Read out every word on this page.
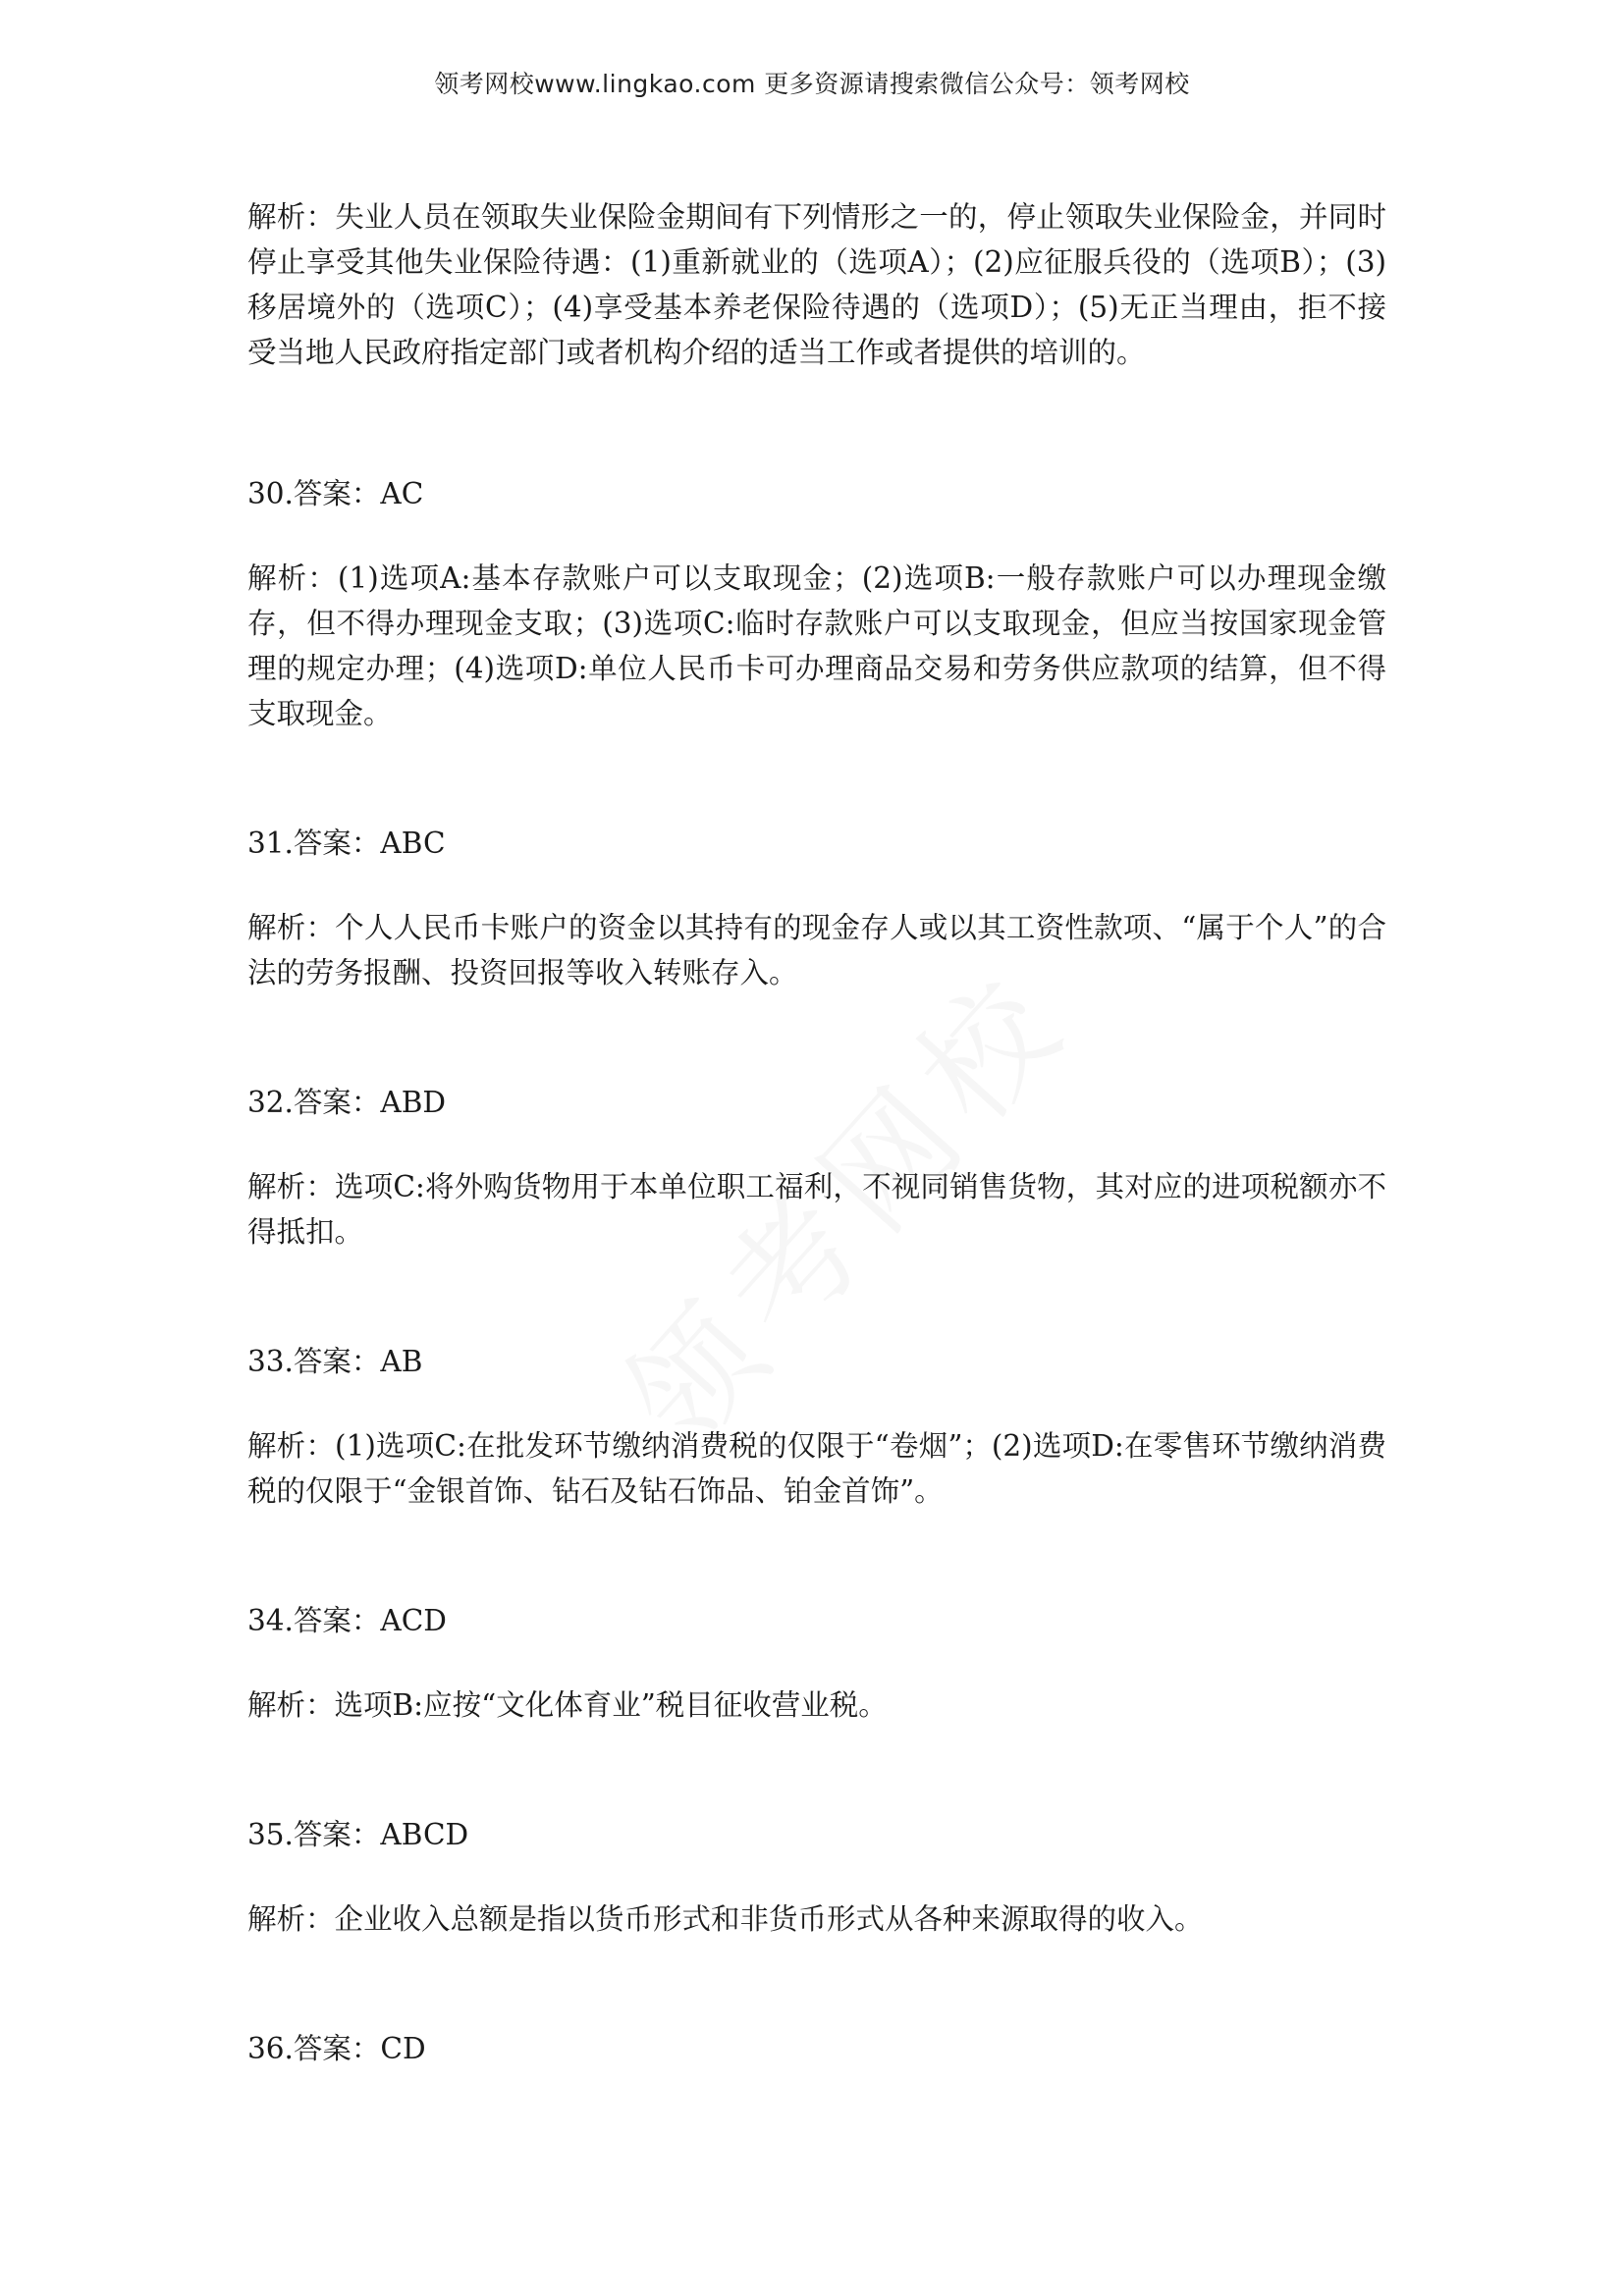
领考网校www.lingkao.com 更多资源请搜索微信公众号：领考网校

解析：失业人员在领取失业保险金期间有下列情形之一的，停止领取失业保险金，并同时停止享受其他失业保险待遇：(1)重新就业的（选项A）；(2)应征服兵役的（选项B）；(3)移居境外的（选项C）；(4)享受基本养老保险待遇的（选项D）；(5)无正当理由，拒不接受当地人民政府指定部门或者机构介绍的适当工作或者提供的培训的。

30.答案：AC

解析：(1)选项A:基本存款账户可以支取现金；(2)选项B:一般存款账户可以办理现金缴存，但不得办理现金支取；(3)选项C:临时存款账户可以支取现金，但应当按国家现金管理的规定办理；(4)选项D:单位人民币卡可办理商品交易和劳务供应款项的结算，但不得支取现金。

31.答案：ABC

解析：个人人民币卡账户的资金以其持有的现金存人或以其工资性款项、“属于个人”的合法的劳务报酬、投资回报等收入转账存入。

32.答案：ABD

解析：选项C:将外购货物用于本单位职工福利，不视同销售货物，其对应的进项税额亦不得抵扣。

33.答案：AB

解析：(1)选项C:在批发环节缴纳消费税的仅限于“卷烟”；(2)选项D:在零售环节缴纳消费税的仅限于“金银首饰、钻石及钻石饰品、铂金首饰”。

34.答案：ACD

解析：选项B:应按“文化体育业”税目征收营业税。

35.答案：ABCD

解析：企业收入总额是指以货币形式和非货币形式从各种来源取得的收入。

36.答案：CD
